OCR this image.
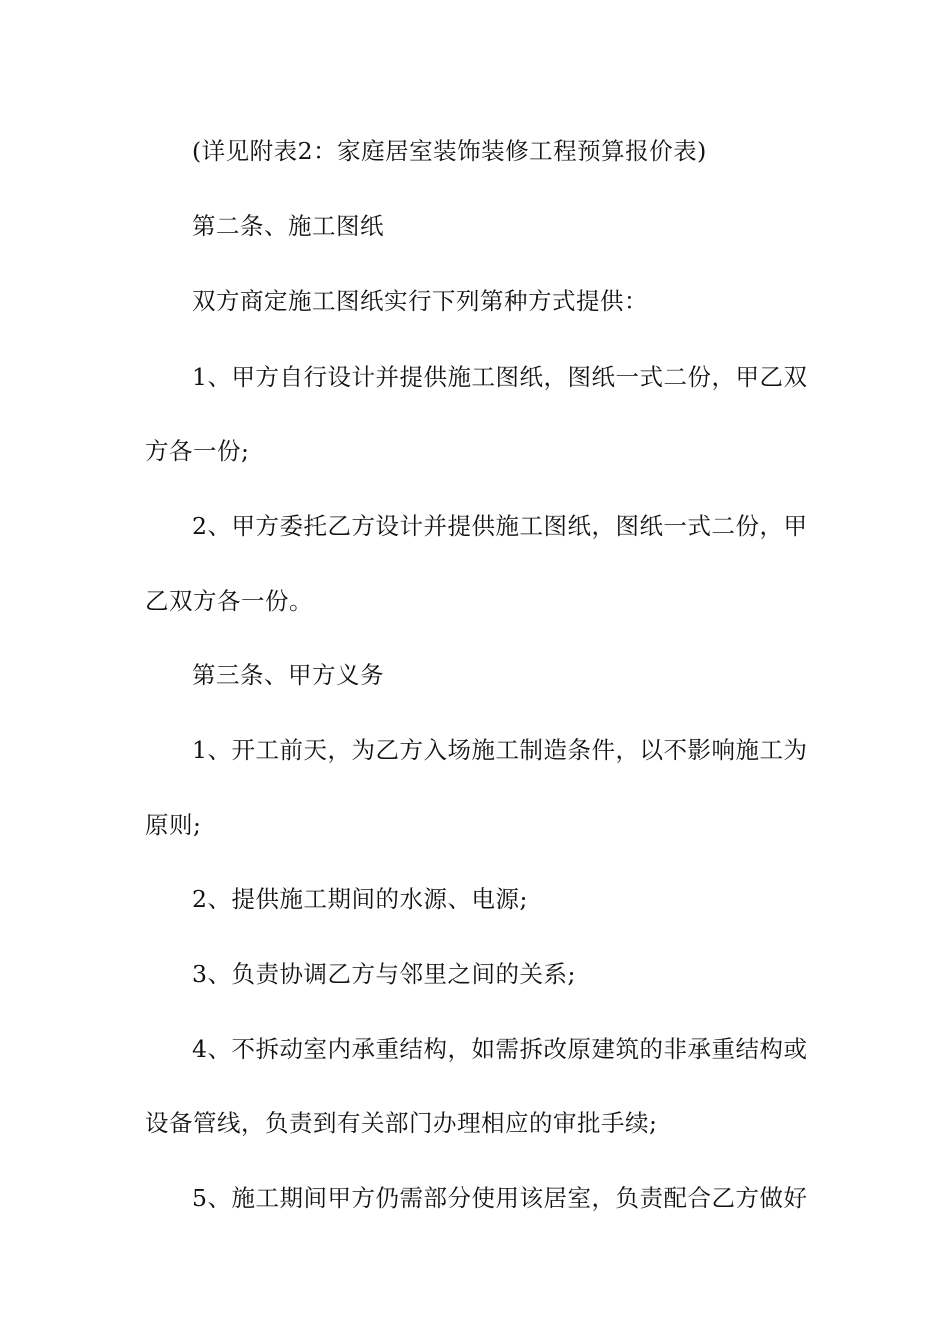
(详见附表2：家庭居室装饰装修工程预算报价表)
第二条、施工图纸
双方商定施工图纸实行下列第种方式提供：
1、甲方自行设计并提供施工图纸，图纸一式二份，甲乙双
方各一份;
2、甲方委托乙方设计并提供施工图纸，图纸一式二份，甲
乙双方各一份。
第三条、甲方义务
1、开工前天，为乙方入场施工制造条件，以不影响施工为
原则;
2、提供施工期间的水源、电源;
3、负责协调乙方与邻里之间的关系;
4、不拆动室内承重结构，如需拆改原建筑的非承重结构或
设备管线，负责到有关部门办理相应的审批手续;
5、施工期间甲方仍需部分使用该居室，负责配合乙方做好
